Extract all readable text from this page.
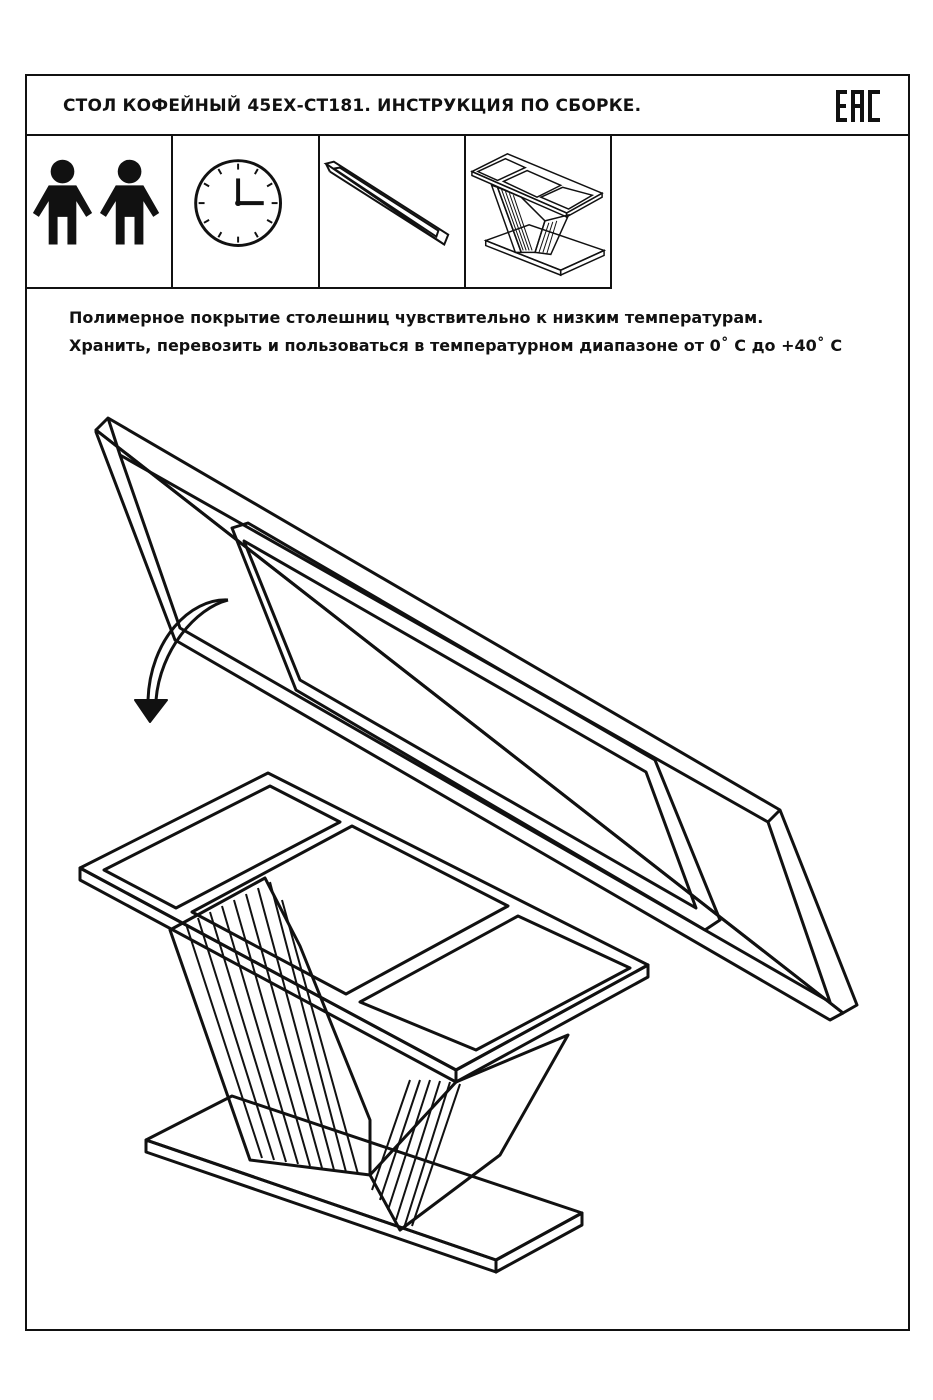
СТОЛ КОФЕЙНЫЙ 45ЕХ-СТ181. ИНСТРУКЦИЯ ПО СБОРКЕ.
Полимерное покрытие столешниц чувствительно к низким температурам.
Хранить, перевозить и пользоваться в температурном диапазоне от 0˚ С до +40˚ С
